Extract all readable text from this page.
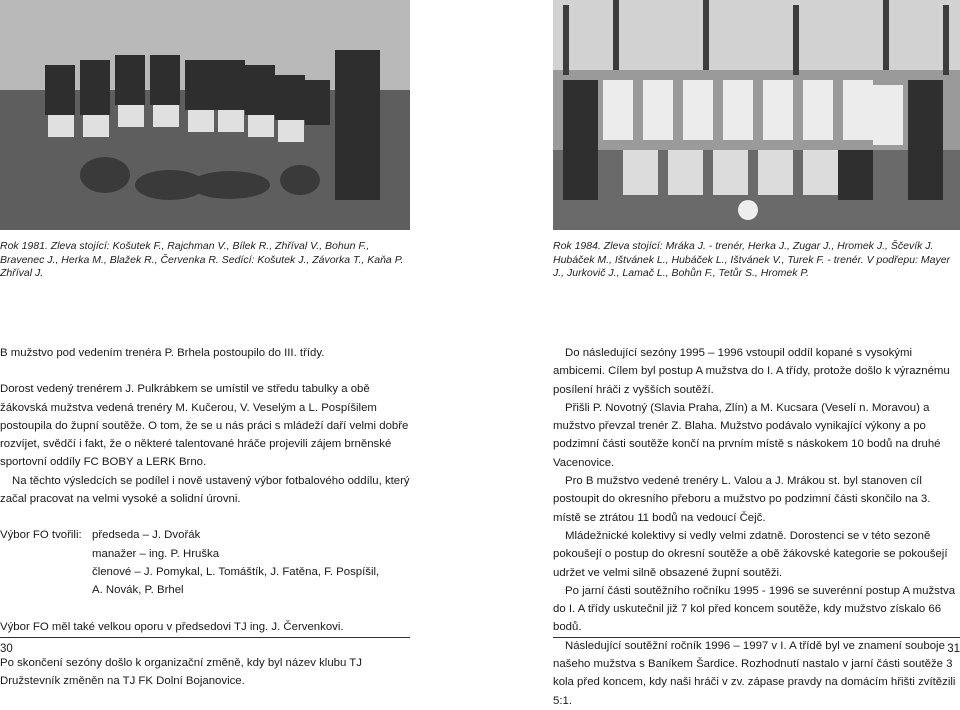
Rok 1981. Zleva stojící: Košutek F., Rajchman V., Bílek R., Zhříval V., Bohun F., Bravenec J., Herka M., Blažek R., Červenka R. Sedící: Košutek J., Závorka T., Kaňa P. Zhříval J.
Rok 1984. Zleva stojící: Mráka J. - trenér, Herka J., Zugar J., Hromek J., Ščevík J. Hubáček M., Ištvánek L., Hubáček L., Ištvánek V., Turek F. - trenér. V podřepu: Mayer J., Jurkovič J., Lamač L., Bohůn F., Tetůr S., Hromek P.

B mužstvo pod vedením trenéra P. Brhela postoupilo do III. třídy.

Dorost vedený trenérem J. Pulkrábkem se umístil ve středu tabulky a obě žákovská mužstva vedená trenéry M. Kučerou, V. Veselým a L. Pospíšilem postoupila do župní soutěže. O tom, že se u nás práci s mládeží daří velmi dobře rozvíjet, svědčí i fakt, že o některé talentované hráče projevili zájem brněnské sportovní oddíly FC BOBY a LERK Brno.

Na těchto výsledcích se podílel i nově ustavený výbor fotbalového oddílu, který začal pracovat na velmi vysoké a solidní úrovni.

Výbor FO tvořili: předseda – J. Dvořák
manažer – ing. P. Hruška
členové – J. Pomykal, L. Tomáštík, J. Fatěna, F. Pospíšil,
A. Novák, P. Brhel

Výbor FO měl také velkou oporu v předsedovi TJ ing. J. Červenkovi.

Po skončení sezóny došlo k organizační změně, kdy byl název klubu TJ Družstevník změněn na TJ FK Dolní Bojanovice.

Do následující sezóny 1995 – 1996 vstoupil oddíl kopané s vysokými ambicemi. Cílem byl postup A mužstva do I. A třídy, protože došlo k výraznému posílení hráči z vyšších soutěží.

Přišli P. Novotný (Slavia Praha, Zlín) a M. Kucsara (Veselí n. Moravou) a mužstvo převzal trenér Z. Blaha. Mužstvo podávalo vynikající výkony a po podzimní části soutěže končí na prvním místě s náskokem 10 bodů na druhé Vacenovice.

Pro B mužstvo vedené trenéry L. Valou a J. Mrákou st. byl stanoven cíl postoupit do okresního přeboru a mužstvo po podzimní části skončilo na 3. místě se ztrátou 11 bodů na vedoucí Čejč.

Mládežnické kolektivy si vedly velmi zdatně. Dorostenci se v této sezoně pokoušejí o postup do okresní soutěže a obě žákovské kategorie se pokoušejí udržet ve velmi silně obsazené župní soutěži.

Po jarní části soutěžního ročníku 1995 - 1996 se suverénní postup A mužstva do I. A třídy uskutečnil již 7 kol před koncem soutěže, kdy mužstvo získalo 66 bodů.

Následující soutěžní ročník 1996 – 1997 v I. A třídě byl ve znamení souboje našeho mužstva s Baníkem Šardice. Rozhodnutí nastalo v jarní části soutěže 3 kola před koncem, kdy naši hráči v zv. zápase pravdy na domácím hřišti zvítězili 5:1.

30	31
